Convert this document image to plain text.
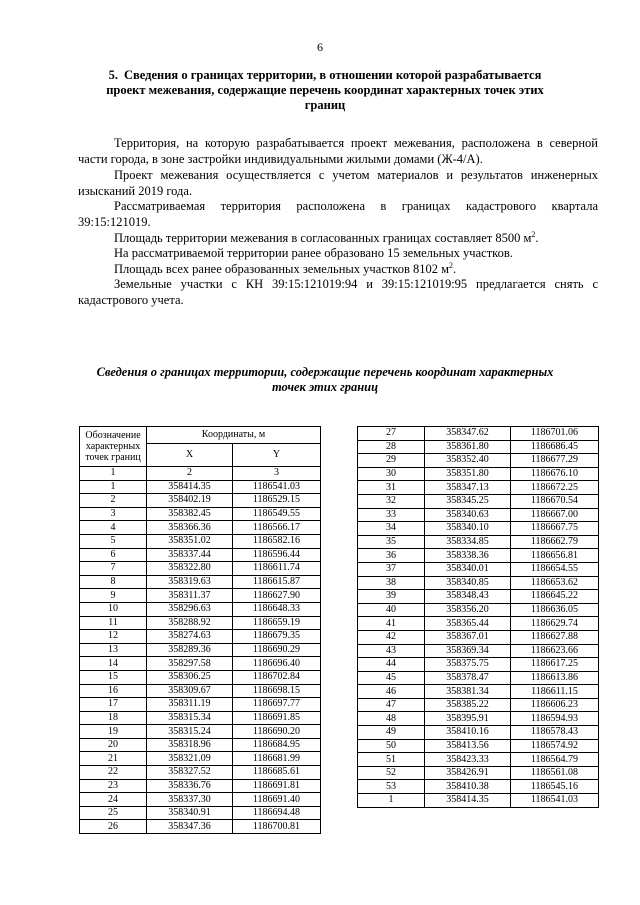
6
5. Сведения о границах территории, в отношении которой разрабатывается проект межевания, содержащие перечень координат характерных точек этих границ

Территория, на которую разрабатывается проект межевания, расположена в северной части города, в зоне застройки индивидуальными жилыми домами (Ж-4/А).

Проект межевания осуществляется с учетом материалов и результатов инженерных изысканий 2019 года.

Рассматриваемая территория расположена в границах кадастрового квартала 39:15:121019.

Площадь территории межевания в согласованных границах составляет 8500 $м^2$.

На рассматриваемой территории ранее образовано 15 земельных участков.

Площадь всех ранее образованных земельных участков 8102 $м^2$.

Земельные участки с КН 39:15:121019:94 и 39:15:121019:95 предлагается снять с кадастрового учета.

Сведения о границах территории, содержащие перечень координат характерных точек этих границ
Обозначение характерных точек границ	Координаты, м	
	X	Y
1	2	3
1	358414.35	1186541.03
2	358402.19	1186529.15
3	358382.45	1186549.55
4	358366.36	1186566.17
5	358351.02	1186582.16
6	358337.44	1186596.44
7	358322.80	1186611.74
8	358319.63	1186615.87
9	358311.37	1186627.90
10	358296.63	1186648.33
11	358288.92	1186659.19
12	358274.63	1186679.35
13	358289.36	1186690.29
14	358297.58	1186696.40
15	358306.25	1186702.84
16	358309.67	1186698.15
17	358311.19	1186697.77
18	358315.34	1186691.85
19	358315.24	1186690.20
20	358318.96	1186684.95
21	358321.09	1186681.99
22	358327.52	1186685.61
23	358336.76	1186691.81
24	358337.30	1186691.40
25	358340.91	1186694.48
26	358347.36	1186700.81
27	358347.62	1186701.06
28	358361.80	1186686.45
29	358352.40	1186677.29
30	358351.80	1186676.10
31	358347.13	1186672.25
32	358345.25	1186670.54
33	358340.63	1186667.00
34	358340.10	1186667.75
35	358334.85	1186662.79
36	358338.36	1186656.81
37	358340.01	1186654.55
38	358340.85	1186653.62
39	358348.43	1186645.22
40	358356.20	1186636.05
41	358365.44	1186629.74
42	358367.01	1186627.88
43	358369.34	1186623.66
44	358375.75	1186617.25
45	358378.47	1186613.86
46	358381.34	1186611.15
47	358385.22	1186606.23
48	358395.91	1186594.93
49	358410.16	1186578.43
50	358413.56	1186574.92
51	358423.33	1186564.79
52	358426.91	1186561.08
53	358410.38	1186545.16
1	358414.35	1186541.03
